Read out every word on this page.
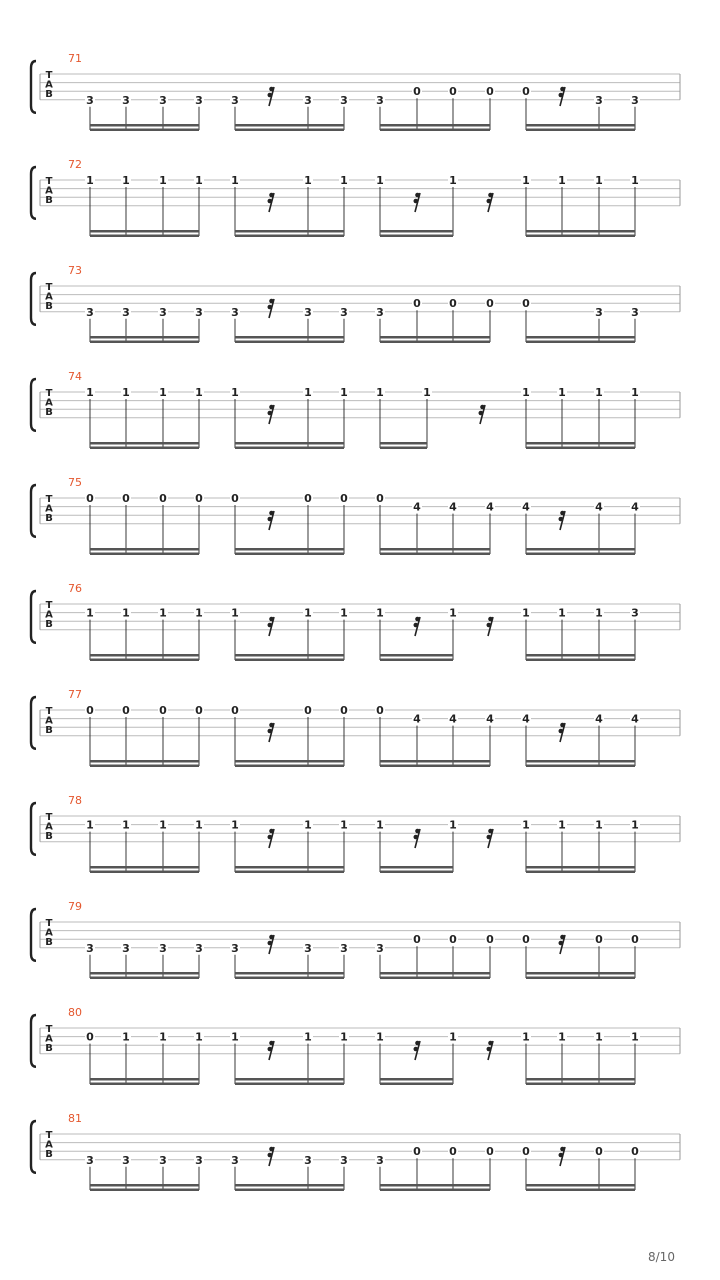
T
A
B
71
3	3	3	3	3	3	3	3
0	0	0	0
3	3
T
A
B
72
1	1	1	1	1	1	1	1	1	1	1	1	1
T
A
B
73
3	3	3	3	3	3	3	3
0	0	0	0
3	3
T
A
B
74
1	1	1	1	1	1	1	1	1	1	1	1	1
T
A
B
75
0	0	0	0	0	0	0	0
4	4	4	4	4	4
T
A
B
76
1	1	1	1	1	1	1	1	1	1	1	1	3
T
A
B
77
0	0	0	0	0	0	0	0
4	4	4	4	4	4
T
A
B
78
1	1	1	1	1	1	1	1	1	1	1	1	1
T
A
B
79
3	3	3	3	3	3	3	3
0	0	0	0	0	0
T
A
B
80
0	1	1	1	1	1	1	1	1	1	1	1	1
T
A
B
81
3	3	3	3	3	3	3	3
0	0	0	0	0	0
8/10
